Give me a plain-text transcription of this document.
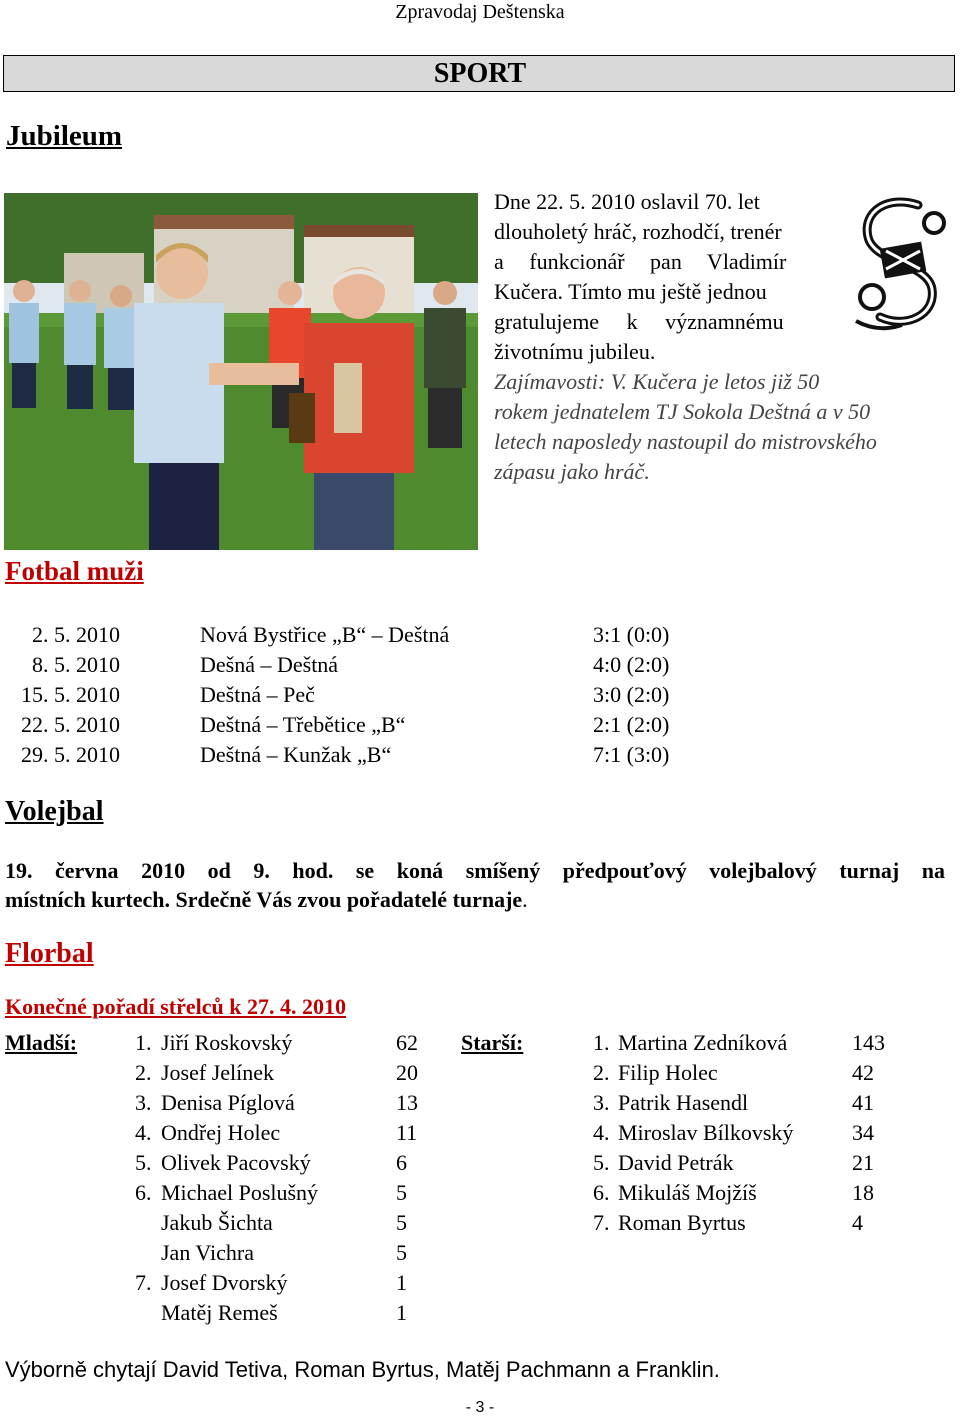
Zpravodaj Deštenska
SPORT
Jubileum
Dne 22. 5. 2010 oslavil 70. let
dlouholetý hráč, rozhodčí, trenér
a funkcionář pan Vladimír
Kučera. Tímto mu ještě jednou
gratulujeme k významnému
životnímu jubileu.
Zajímavosti: V. Kučera je letos již 50
rokem jednatelem TJ Sokola Deštná a v 50
letech naposledy nastoupil do mistrovského
zápasu jako hráč.
Fotbal muži
2. 5. 2010	Nová Bystřice „B“ – Deštná	3:1 (0:0)
8. 5. 2010	Dešná – Deštná	4:0 (2:0)
15. 5. 2010	Deštná – Peč	3:0 (2:0)
22. 5. 2010	Deštná – Třebětice „B“	2:1 (2:0)
29. 5. 2010	Deštná – Kunžak „B“	7:1 (3:0)
Volejbal
19. června 2010 od 9. hod. se koná smíšený předpouťový volejbalový turnaj na
místních kurtech. Srdečně Vás zvou pořadatelé turnaje.
Florbal
Konečné pořadí střelců k 27. 4. 2010
Mladší:	Starší:
1. Jiří Roskovský	62
2. Josef Jelínek	20
3. Denisa Píglová	13
4. Ondřej Holec	11
5. Olivek Pacovský	6
6. Michael Poslušný	5
Jakub Šichta	5
Jan Vichra	5
7. Josef Dvorský	1
Matěj Remeš	1
1. Martina Zedníková	143
2. Filip Holec	42
3. Patrik Hasendl	41
4. Miroslav Bílkovský	34
5. David Petrák	21
6. Mikuláš Mojžíš	18
7. Roman Byrtus	4
Výborně chytají David Tetiva, Roman Byrtus, Matěj Pachmann a Franklin.
- 3 -
